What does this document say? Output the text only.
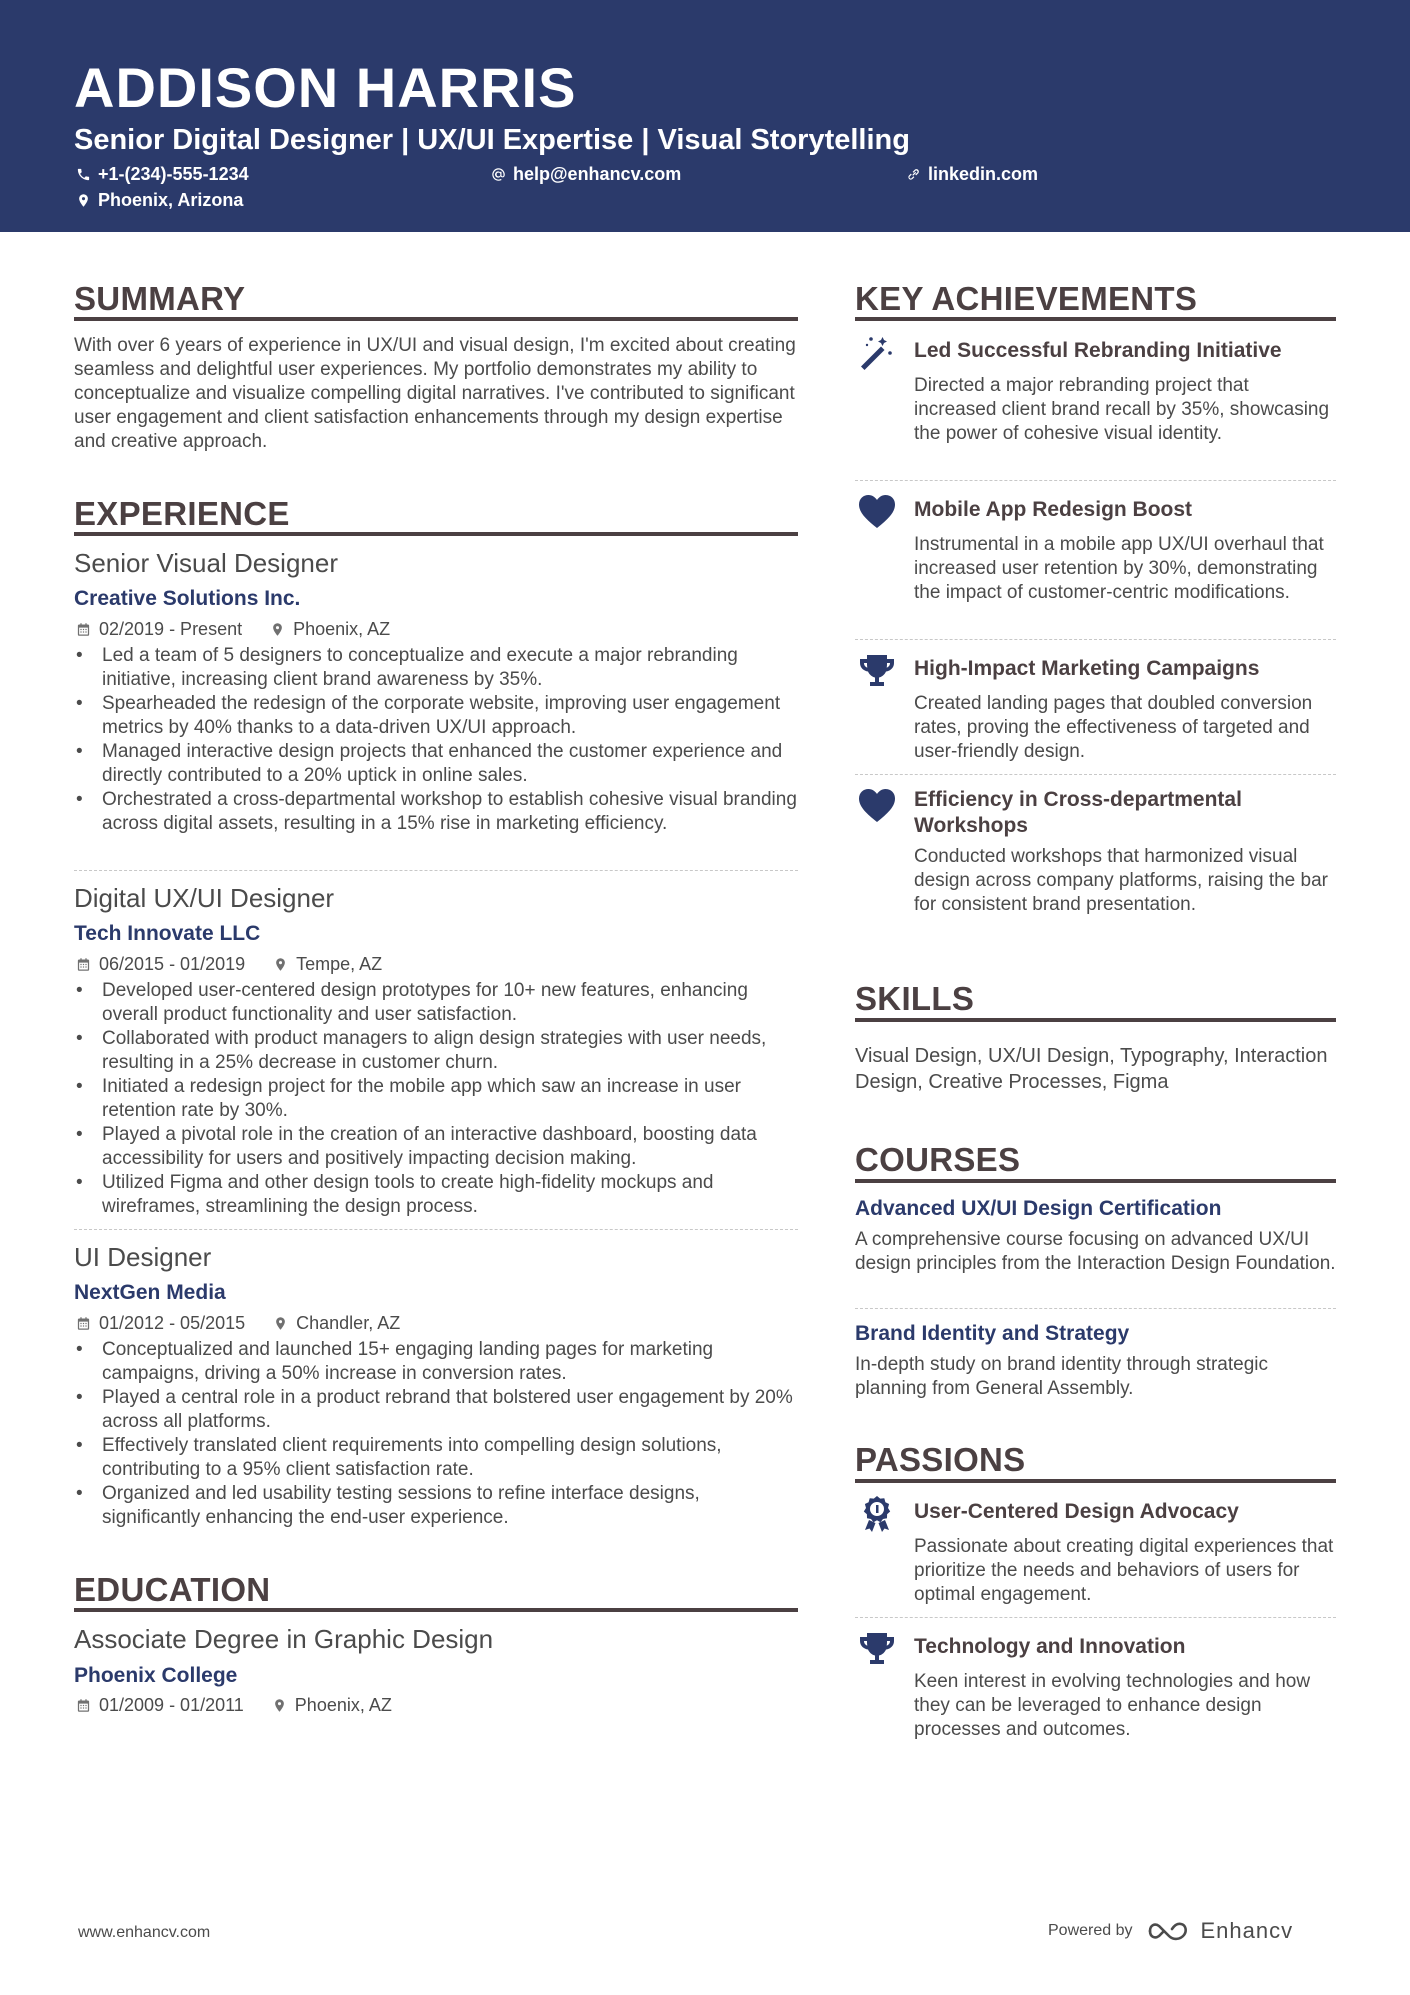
ADDISON HARRIS
Senior Digital Designer | UX/UI Expertise | Visual Storytelling
+1-(234)-555-1234	help@enhancv.com	linkedin.com
Phoenix, Arizona
SUMMARY
With over 6 years of experience in UX/UI and visual design, I'm excited about creating seamless and delightful user experiences. My portfolio demonstrates my ability to conceptualize and visualize compelling digital narratives. I've contributed to significant user engagement and client satisfaction enhancements through my design expertise and creative approach.
EXPERIENCE
Senior Visual Designer
Creative Solutions Inc.
02/2019 - Present	Phoenix, AZ
• Led a team of 5 designers to conceptualize and execute a major rebranding initiative, increasing client brand awareness by 35%.
• Spearheaded the redesign of the corporate website, improving user engagement metrics by 40% thanks to a data-driven UX/UI approach.
• Managed interactive design projects that enhanced the customer experience and directly contributed to a 20% uptick in online sales.
• Orchestrated a cross-departmental workshop to establish cohesive visual branding across digital assets, resulting in a 15% rise in marketing efficiency.
Digital UX/UI Designer
Tech Innovate LLC
06/2015 - 01/2019	Tempe, AZ
• Developed user-centered design prototypes for 10+ new features, enhancing overall product functionality and user satisfaction.
• Collaborated with product managers to align design strategies with user needs, resulting in a 25% decrease in customer churn.
• Initiated a redesign project for the mobile app which saw an increase in user retention rate by 30%.
• Played a pivotal role in the creation of an interactive dashboard, boosting data accessibility for users and positively impacting decision making.
• Utilized Figma and other design tools to create high-fidelity mockups and wireframes, streamlining the design process.
UI Designer
NextGen Media
01/2012 - 05/2015	Chandler, AZ
• Conceptualized and launched 15+ engaging landing pages for marketing campaigns, driving a 50% increase in conversion rates.
• Played a central role in a product rebrand that bolstered user engagement by 20% across all platforms.
• Effectively translated client requirements into compelling design solutions, contributing to a 95% client satisfaction rate.
• Organized and led usability testing sessions to refine interface designs, significantly enhancing the end-user experience.
EDUCATION
Associate Degree in Graphic Design
Phoenix College
01/2009 - 01/2011	Phoenix, AZ
KEY ACHIEVEMENTS
Led Successful Rebranding Initiative
Directed a major rebranding project that increased client brand recall by 35%, showcasing the power of cohesive visual identity.
Mobile App Redesign Boost
Instrumental in a mobile app UX/UI overhaul that increased user retention by 30%, demonstrating the impact of customer-centric modifications.
High-Impact Marketing Campaigns
Created landing pages that doubled conversion rates, proving the effectiveness of targeted and user-friendly design.
Efficiency in Cross-departmental Workshops
Conducted workshops that harmonized visual design across company platforms, raising the bar for consistent brand presentation.
SKILLS
Visual Design, UX/UI Design, Typography, Interaction Design, Creative Processes, Figma
COURSES
Advanced UX/UI Design Certification
A comprehensive course focusing on advanced UX/UI design principles from the Interaction Design Foundation.
Brand Identity and Strategy
In-depth study on brand identity through strategic planning from General Assembly.
PASSIONS
User-Centered Design Advocacy
Passionate about creating digital experiences that prioritize the needs and behaviors of users for optimal engagement.
Technology and Innovation
Keen interest in evolving technologies and how they can be leveraged to enhance design processes and outcomes.
www.enhancv.com	Powered by	Enhancv
